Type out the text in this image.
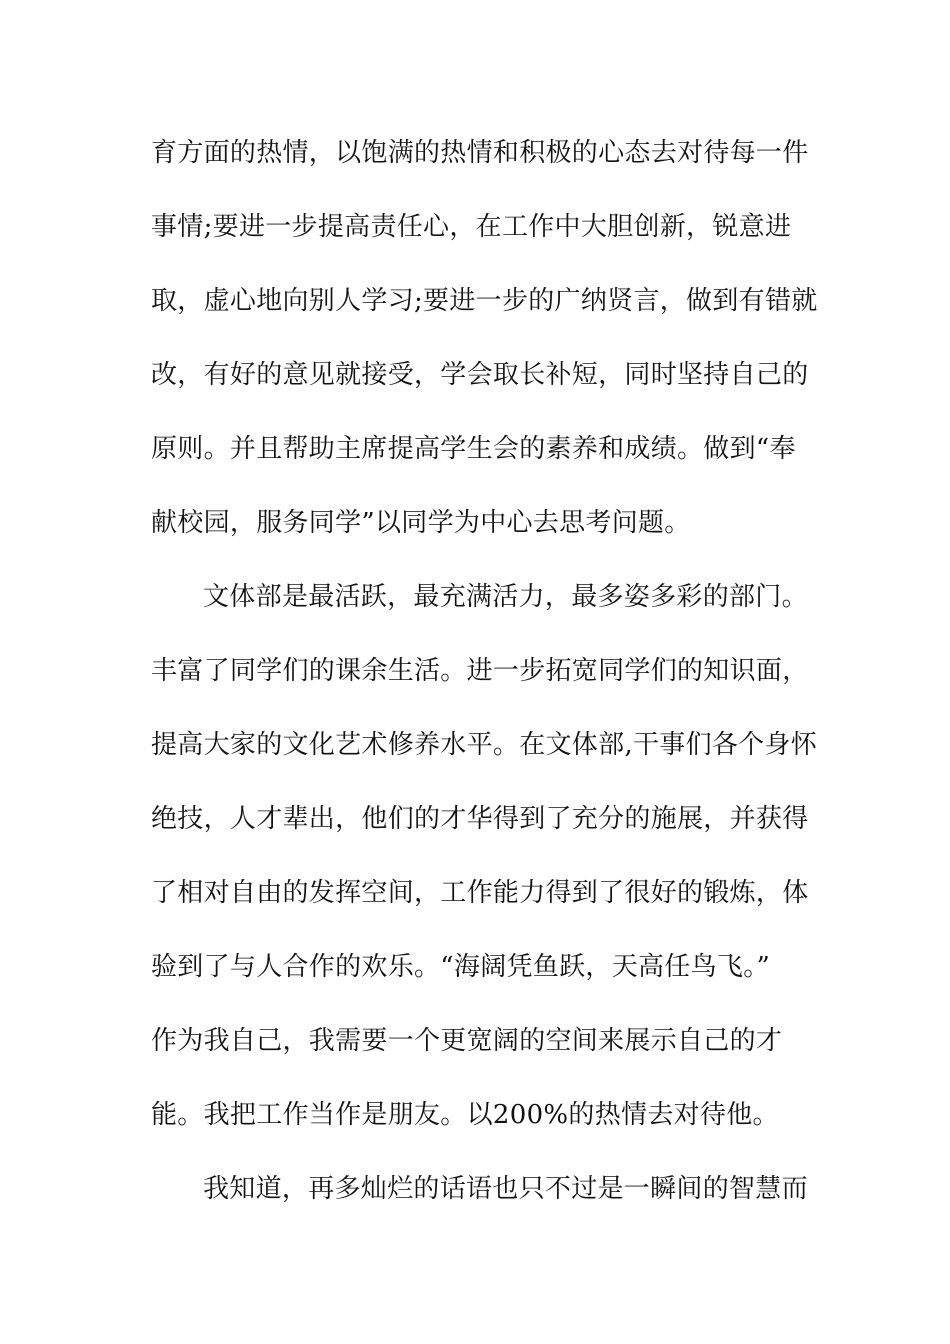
育方面的热情，以饱满的热情和积极的心态去对待每一件
事情;要进一步提高责任心，在工作中大胆创新，锐意进
取，虚心地向别人学习;要进一步的广纳贤言，做到有错就
改，有好的意见就接受，学会取长补短，同时坚持自己的
原则。并且帮助主席提高学生会的素养和成绩。做到“奉
献校园，服务同学”以同学为中心去思考问题。
文体部是最活跃，最充满活力，最多姿多彩的部门。
丰富了同学们的课余生活。进一步拓宽同学们的知识面，
提高大家的文化艺术修养水平。在文体部,干事们各个身怀
绝技，人才辈出，他们的才华得到了充分的施展，并获得
了相对自由的发挥空间，工作能力得到了很好的锻炼，体
验到了与人合作的欢乐。“海阔凭鱼跃，天高任鸟飞。”
作为我自己，我需要一个更宽阔的空间来展示自己的才
能。我把工作当作是朋友。以200%的热情去对待他。
我知道，再多灿烂的话语也只不过是一瞬间的智慧而
